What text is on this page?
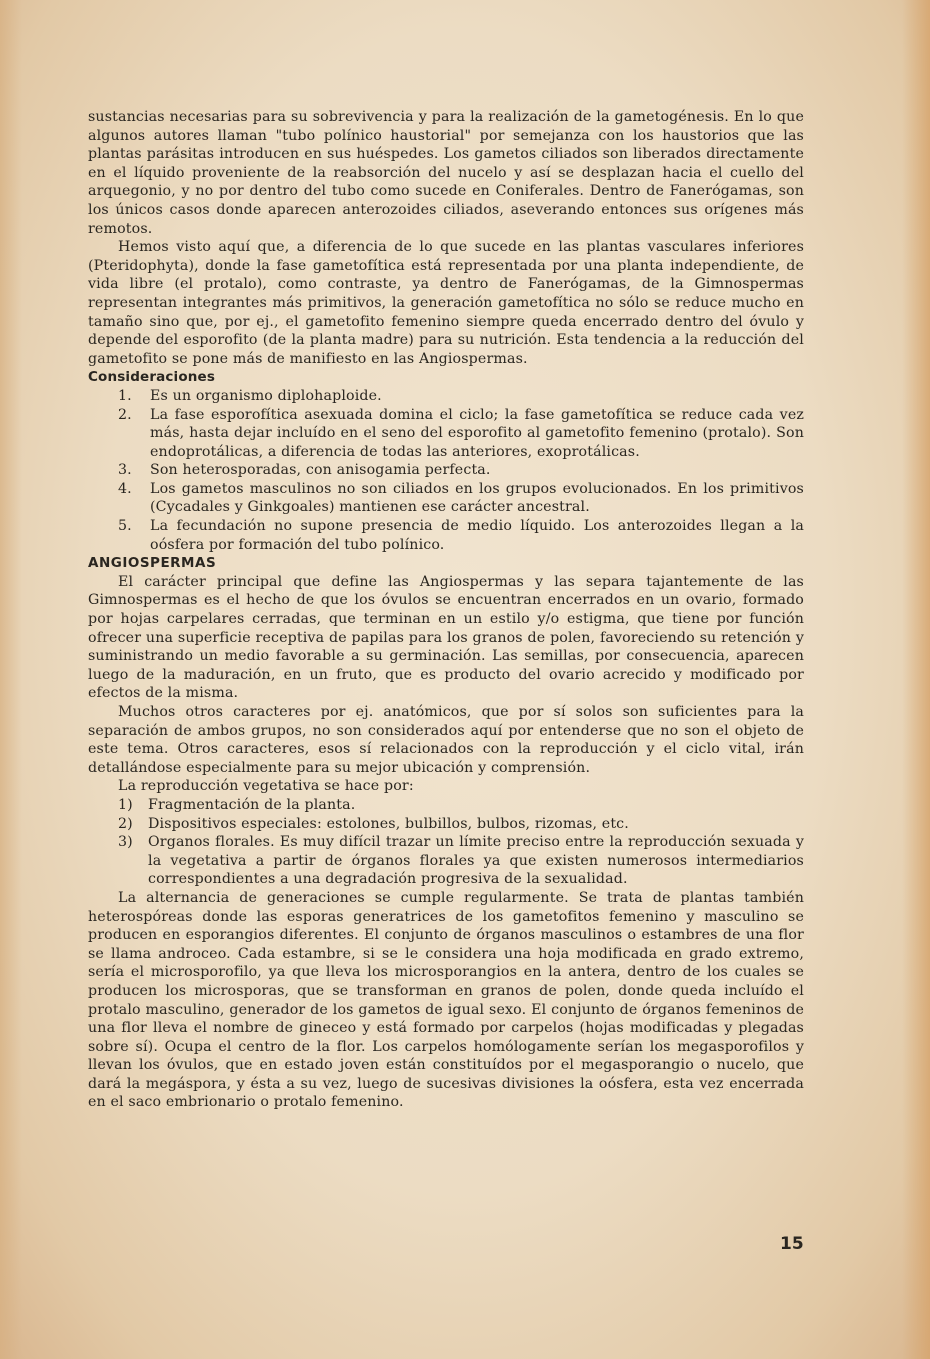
sustancias necesarias para su sobrevivencia y para la realización de la gametogénesis. En lo que algunos autores llaman "tubo polínico haustorial" por semejanza con los haustorios que las plantas parásitas introducen en sus huéspedes. Los gametos ciliados son liberados directamente en el líquido proveniente de la reabsorción del nucelo y así se desplazan hacia el cuello del arquegonio, y no por dentro del tubo como sucede en Coniferales. Dentro de Fanerógamas, son los únicos casos donde aparecen anterozoides ciliados, aseverando entonces sus orígenes más remotos.

Hemos visto aquí que, a diferencia de lo que sucede en las plantas vasculares inferiores (Pteridophyta), donde la fase gametofítica está representada por una planta independiente, de vida libre (el protalo), como contraste, ya dentro de Fanerógamas, de la Gimnospermas representan integrantes más primitivos, la generación gametofítica no sólo se reduce mucho en tamaño sino que, por ej., el gametofito femenino siempre queda encerrado dentro del óvulo y depende del esporofito (de la planta madre) para su nutrición. Esta tendencia a la reducción del gametofito se pone más de manifiesto en las Angiospermas.

Consideraciones

1.	Es un organismo diplohaploide.
2.	La fase esporofítica asexuada domina el ciclo; la fase gametofítica se reduce cada vez más, hasta dejar incluído en el seno del esporofito al gametofito femenino (protalo). Son endoprotálicas, a diferencia de todas las anteriores, exoprotálicas.
3.	Son heterosporadas, con anisogamia perfecta.
4.	Los gametos masculinos no son ciliados en los grupos evolucionados. En los primitivos (Cycadales y Ginkgoales) mantienen ese carácter ancestral.
5.	La fecundación no supone presencia de medio líquido. Los anterozoides llegan a la oósfera por formación del tubo polínico.

ANGIOSPERMAS

El carácter principal que define las Angiospermas y las separa tajantemente de las Gimnospermas es el hecho de que los óvulos se encuentran encerrados en un ovario, formado por hojas carpelares cerradas, que terminan en un estilo y/o estigma, que tiene por función ofrecer una superficie receptiva de papilas para los granos de polen, favoreciendo su retención y suministrando un medio favorable a su germinación. Las semillas, por consecuencia, aparecen luego de la maduración, en un fruto, que es producto del ovario acrecido y modificado por efectos de la misma.

Muchos otros caracteres por ej. anatómicos, que por sí solos son suficientes para la separación de ambos grupos, no son considerados aquí por entenderse que no son el objeto de este tema. Otros caracteres, esos sí relacionados con la reproducción y el ciclo vital, irán detallándose especialmente para su mejor ubicación y comprensión.

La reproducción vegetativa se hace por:

1)	Fragmentación de la planta.
2)	Dispositivos especiales: estolones, bulbillos, bulbos, rizomas, etc.
3)	Organos florales. Es muy difícil trazar un límite preciso entre la reproducción sexuada y la vegetativa a partir de órganos florales ya que existen numerosos intermediarios correspondientes a una degradación progresiva de la sexualidad.

La alternancia de generaciones se cumple regularmente. Se trata de plantas también heterospóreas donde las esporas generatrices de los gametofitos femenino y masculino se producen en esporangios diferentes. El conjunto de órganos masculinos o estambres de una flor se llama androceo. Cada estambre, si se le considera una hoja modificada en grado extremo, sería el microsporofilo, ya que lleva los microsporangios en la antera, dentro de los cuales se producen los microsporas, que se transforman en granos de polen, donde queda incluído el protalo masculino, generador de los gametos de igual sexo. El conjunto de órganos femeninos de una flor lleva el nombre de gineceo y está formado por carpelos (hojas modificadas y plegadas sobre sí). Ocupa el centro de la flor. Los carpelos homólogamente serían los megasporofilos y llevan los óvulos, que en estado joven están constituídos por el megasporangio o nucelo, que dará la megáspora, y ésta a su vez, luego de sucesivas divisiones la oósfera, esta vez encerrada en el saco embrionario o protalo femenino.

15
